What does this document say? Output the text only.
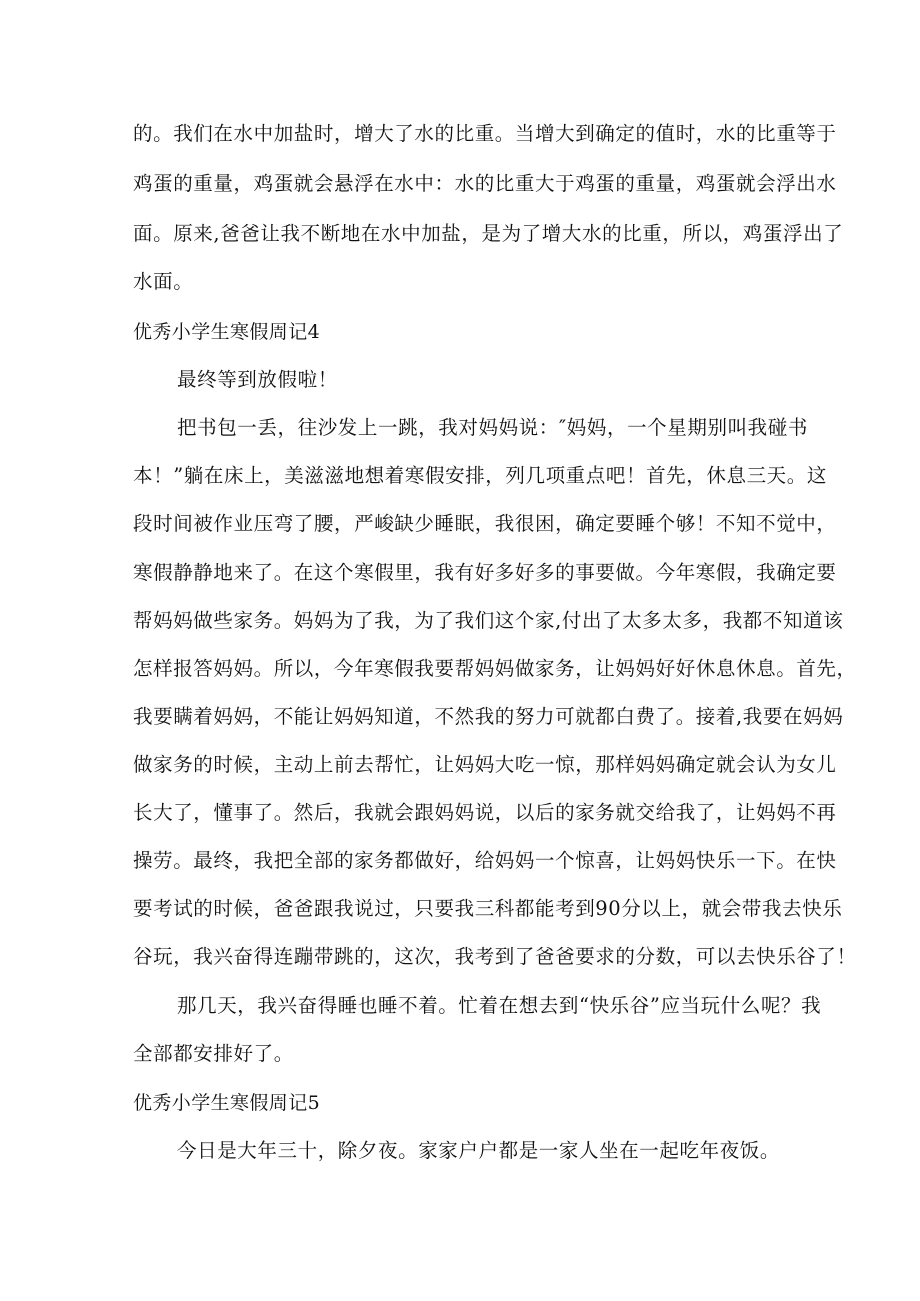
的。我们在水中加盐时，增大了水的比重。当增大到确定的值时，水的比重等于
鸡蛋的重量，鸡蛋就会悬浮在水中：水的比重大于鸡蛋的重量，鸡蛋就会浮出水
面。原来,爸爸让我不断地在水中加盐，是为了增大水的比重，所以，鸡蛋浮出了
水面。
优秀小学生寒假周记4
最终等到放假啦！
把书包一丢，往沙发上一跳，我对妈妈说：″妈妈，一个星期别叫我碰书
本！”躺在床上，美滋滋地想着寒假安排，列几项重点吧！首先，休息三天。这
段时间被作业压弯了腰，严峻缺少睡眠，我很困，确定要睡个够！不知不觉中，
寒假静静地来了。在这个寒假里，我有好多好多的事要做。今年寒假，我确定要
帮妈妈做些家务。妈妈为了我，为了我们这个家,付出了太多太多，我都不知道该
怎样报答妈妈。所以，今年寒假我要帮妈妈做家务，让妈妈好好休息休息。首先，
我要瞒着妈妈，不能让妈妈知道，不然我的努力可就都白费了。接着,我要在妈妈
做家务的时候，主动上前去帮忙，让妈妈大吃一惊，那样妈妈确定就会认为女儿
长大了，懂事了。然后，我就会跟妈妈说，以后的家务就交给我了，让妈妈不再
操劳。最终，我把全部的家务都做好，给妈妈一个惊喜，让妈妈快乐一下。在快
要考试的时候，爸爸跟我说过，只要我三科都能考到90分以上，就会带我去快乐
谷玩，我兴奋得连蹦带跳的，这次，我考到了爸爸要求的分数，可以去快乐谷了！
那几天，我兴奋得睡也睡不着。忙着在想去到“快乐谷”应当玩什么呢？我
全部都安排好了。
优秀小学生寒假周记5
今日是大年三十，除夕夜。家家户户都是一家人坐在一起吃年夜饭。
